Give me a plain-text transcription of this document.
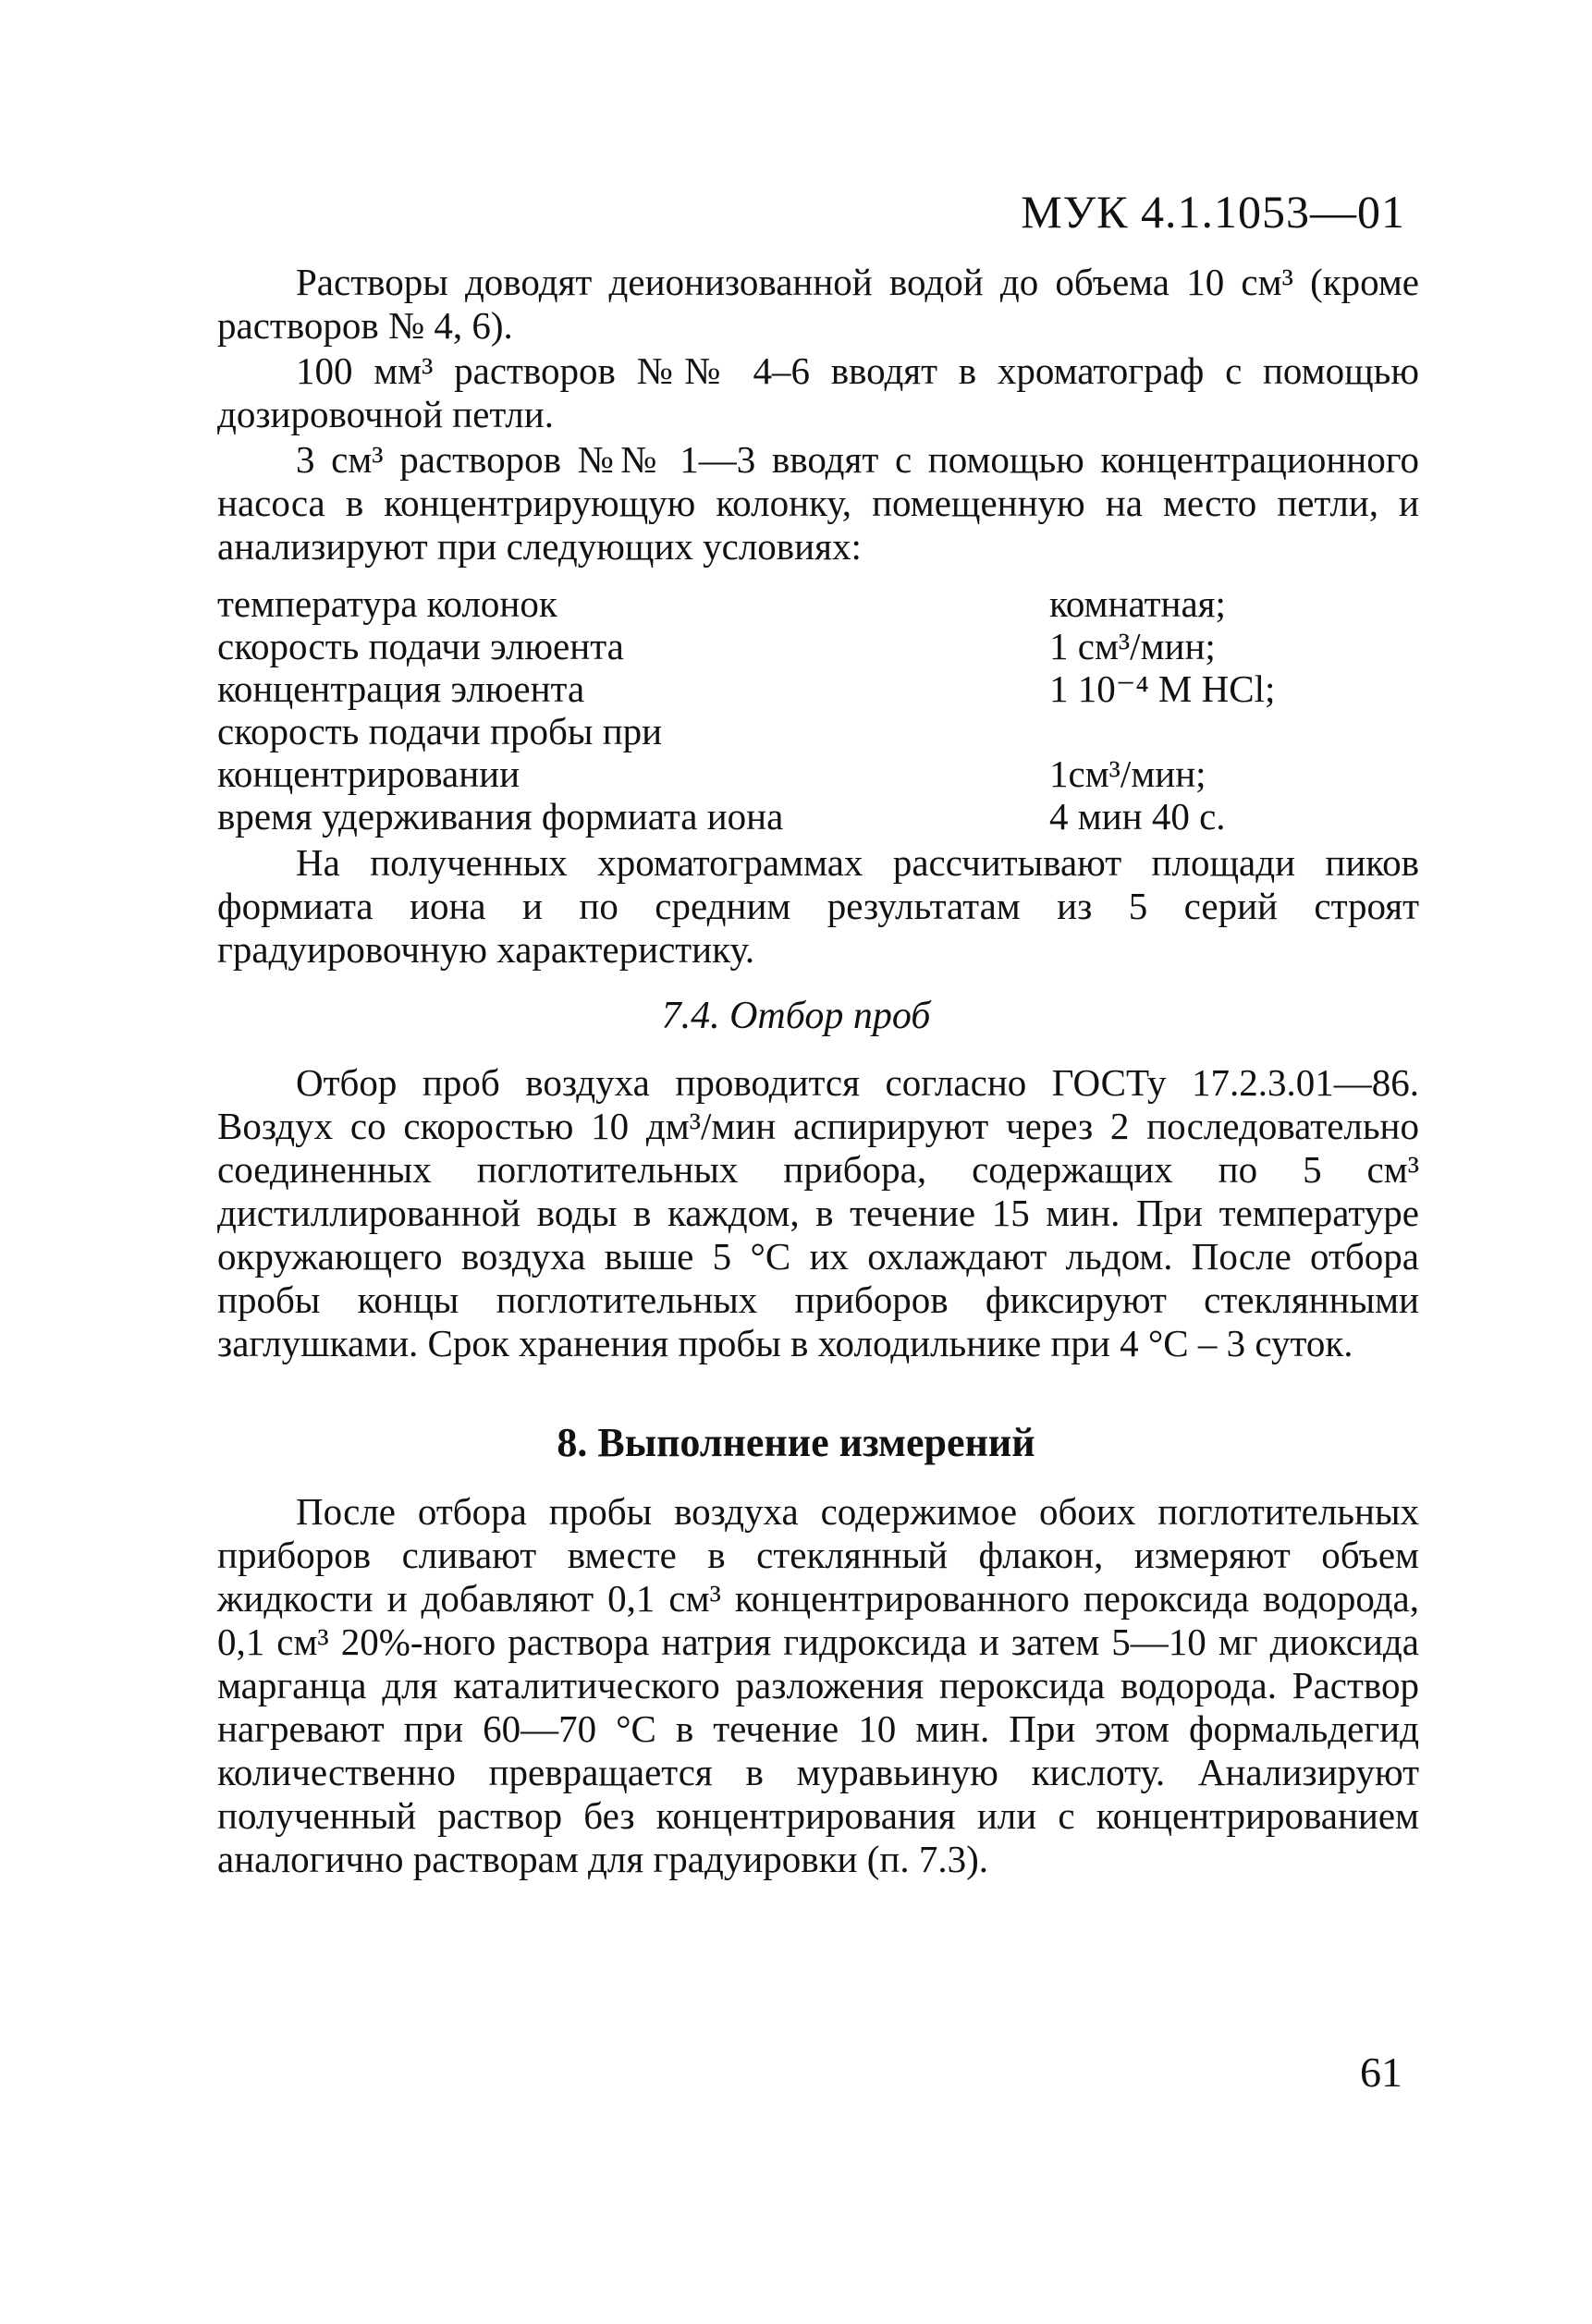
МУК 4.1.1053—01

Растворы доводят деионизованной водой до объема 10 см³ (кроме растворов № 4, 6).

100 мм³ растворов №№ 4–6 вводят в хроматограф с помощью дозировочной петли.

3 см³ растворов №№ 1—3 вводят с помощью концентрационного насоса в концентрирующую колонку, помещенную на место петли, и анализируют при следующих условиях:

температура колонок	комнатная;
скорость подачи элюента	1 см³/мин;
концентрация элюента	1 10⁻⁴ М HCl;
скорость подачи пробы при
концентрировании	1см³/мин;
время удерживания формиата иона	4 мин 40 с.

На полученных хроматограммах рассчитывают площади пиков формиата иона и по средним результатам из 5 серий строят градуировочную характеристику.

7.4. Отбор проб

Отбор проб воздуха проводится согласно ГОСТу 17.2.3.01—86. Воздух со скоростью 10 дм³/мин аспирируют через 2 последовательно соединенных поглотительных прибора, содержащих по 5 см³ дистиллированной воды в каждом, в течение 15 мин. При температуре окружающего воздуха выше 5 °С их охлаждают льдом. После отбора пробы концы поглотительных приборов фиксируют стеклянными заглушками. Срок хранения пробы в холодильнике при 4 °С – 3 суток.

8. Выполнение измерений

После отбора пробы воздуха содержимое обоих поглотительных приборов сливают вместе в стеклянный флакон, измеряют объем жидкости и добавляют 0,1 см³ концентрированного пероксида водорода, 0,1 см³ 20%-ного раствора натрия гидроксида и затем 5—10 мг диоксида марганца для каталитического разложения пероксида водорода. Раствор нагревают при 60—70 °С в течение 10 мин. При этом формальдегид количественно превращается в муравьиную кислоту. Анализируют полученный раствор без концентрирования или с концентрированием аналогично растворам для градуировки (п. 7.3).

61
